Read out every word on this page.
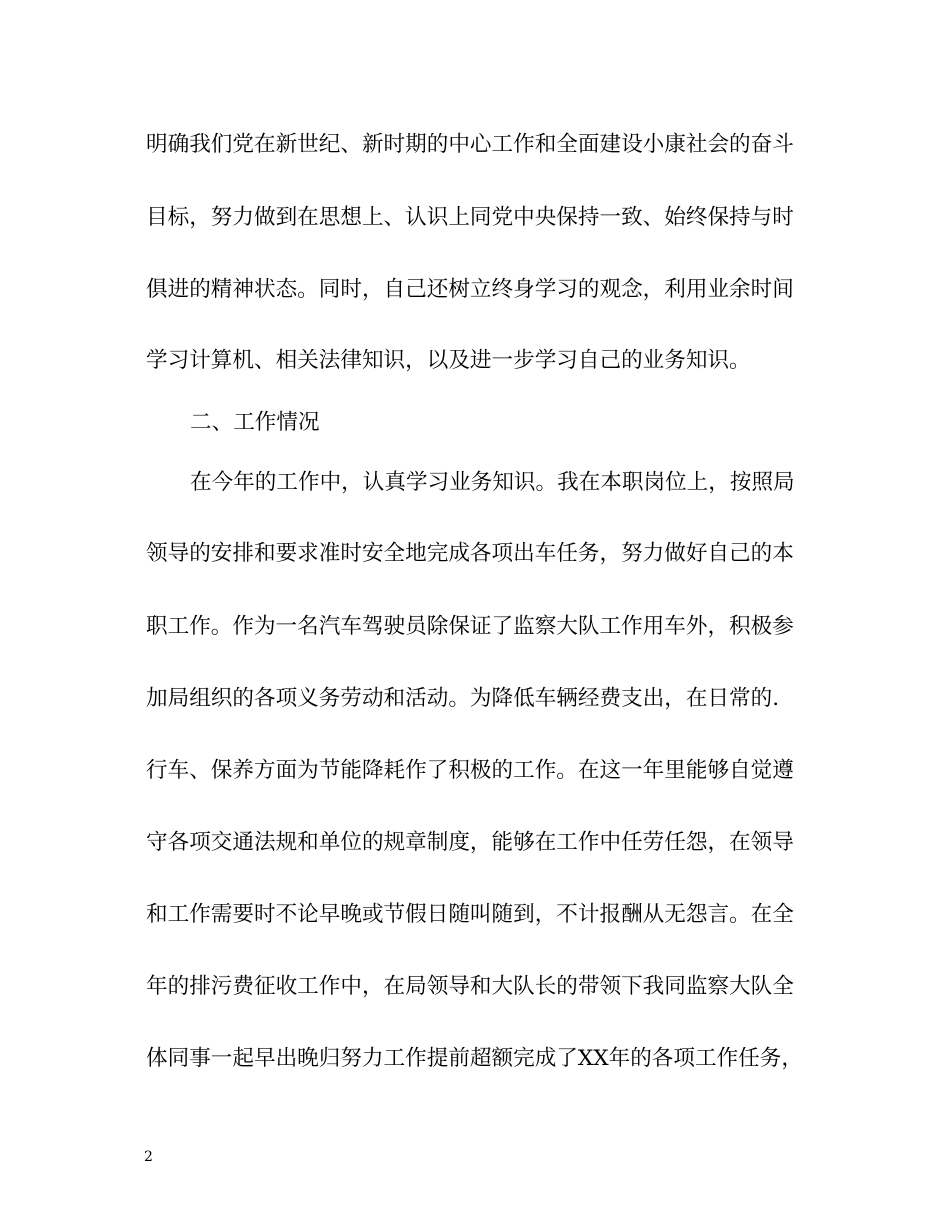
明确我们党在新世纪、新时期的中心工作和全面建设小康社会的奋斗
目标，努力做到在思想上、认识上同党中央保持一致、始终保持与时
俱进的精神状态。同时，自己还树立终身学习的观念，利用业余时间
学习计算机、相关法律知识，以及进一步学习自己的业务知识。
二、工作情况
在今年的工作中，认真学习业务知识。我在本职岗位上，按照局
领导的安排和要求准时安全地完成各项出车任务，努力做好自己的本
职工作。作为一名汽车驾驶员除保证了监察大队工作用车外，积极参
加局组织的各项义务劳动和活动。为降低车辆经费支出，在日常的.
行车、保养方面为节能降耗作了积极的工作。在这一年里能够自觉遵
守各项交通法规和单位的规章制度，能够在工作中任劳任怨，在领导
和工作需要时不论早晚或节假日随叫随到，不计报酬从无怨言。在全
年的排污费征收工作中，在局领导和大队长的带领下我同监察大队全
体同事一起早出晚归努力工作提前超额完成了XX年的各项工作任务，
2
